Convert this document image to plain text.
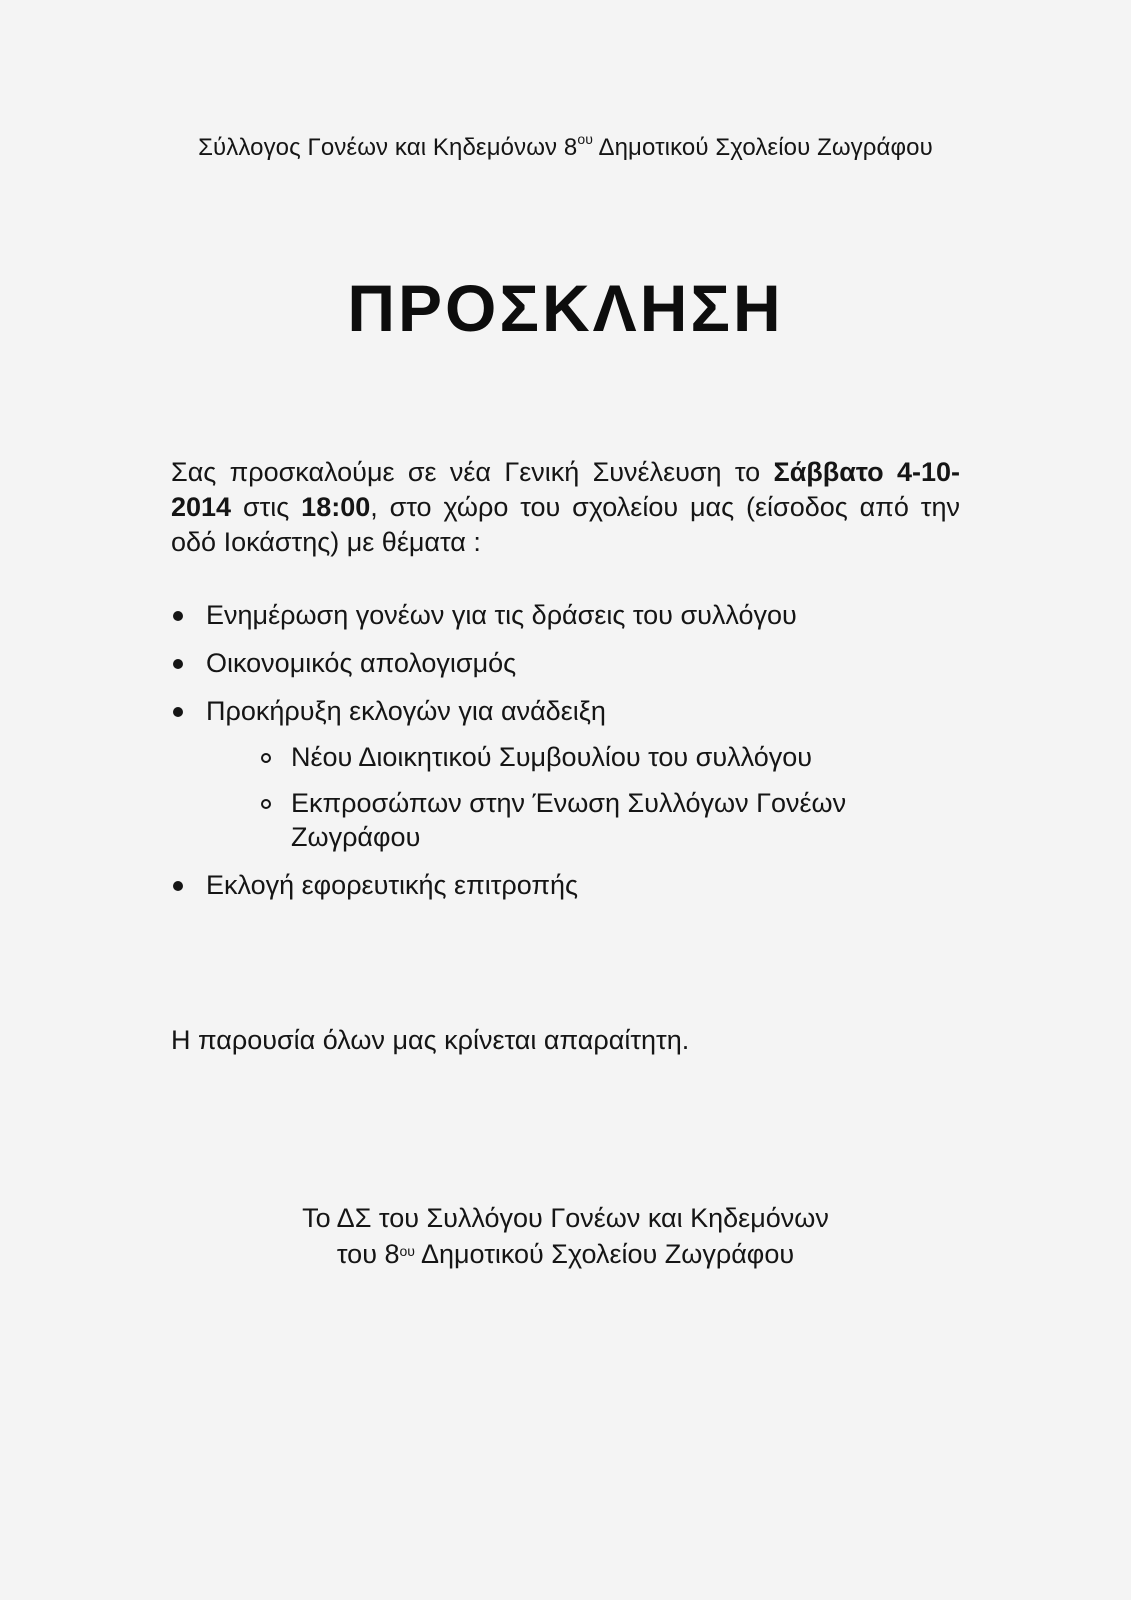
Σύλλογος Γονέων και Κηδεμόνων $8^{o\upsilon}$ Δημοτικού Σχολείου Ζωγράφου
ΠΡΟΣΚΛΗΣΗ
Σας προσκαλούμε σε νέα Γενική Συνέλευση το Σάββατο 4-10-2014 στις 18:00, στο χώρο του σχολείου μας (είσοδος από την οδό Ιοκάστης) με θέματα :
Ενημέρωση γονέων για τις δράσεις του συλλόγου
Οικονομικός απολογισμός
Προκήρυξη εκλογών για ανάδειξη
Νέου Διοικητικού Συμβουλίου του συλλόγου
Εκπροσώπων στην Ένωση Συλλόγων Γονέων Ζωγράφου
Εκλογή εφορευτικής επιτροπής
Η παρουσία όλων μας κρίνεται απαραίτητη.
Το ΔΣ του Συλλόγου Γονέων και Κηδεμόνων
του $8^{o\upsilon}$ Δημοτικού Σχολείου Ζωγράφου
